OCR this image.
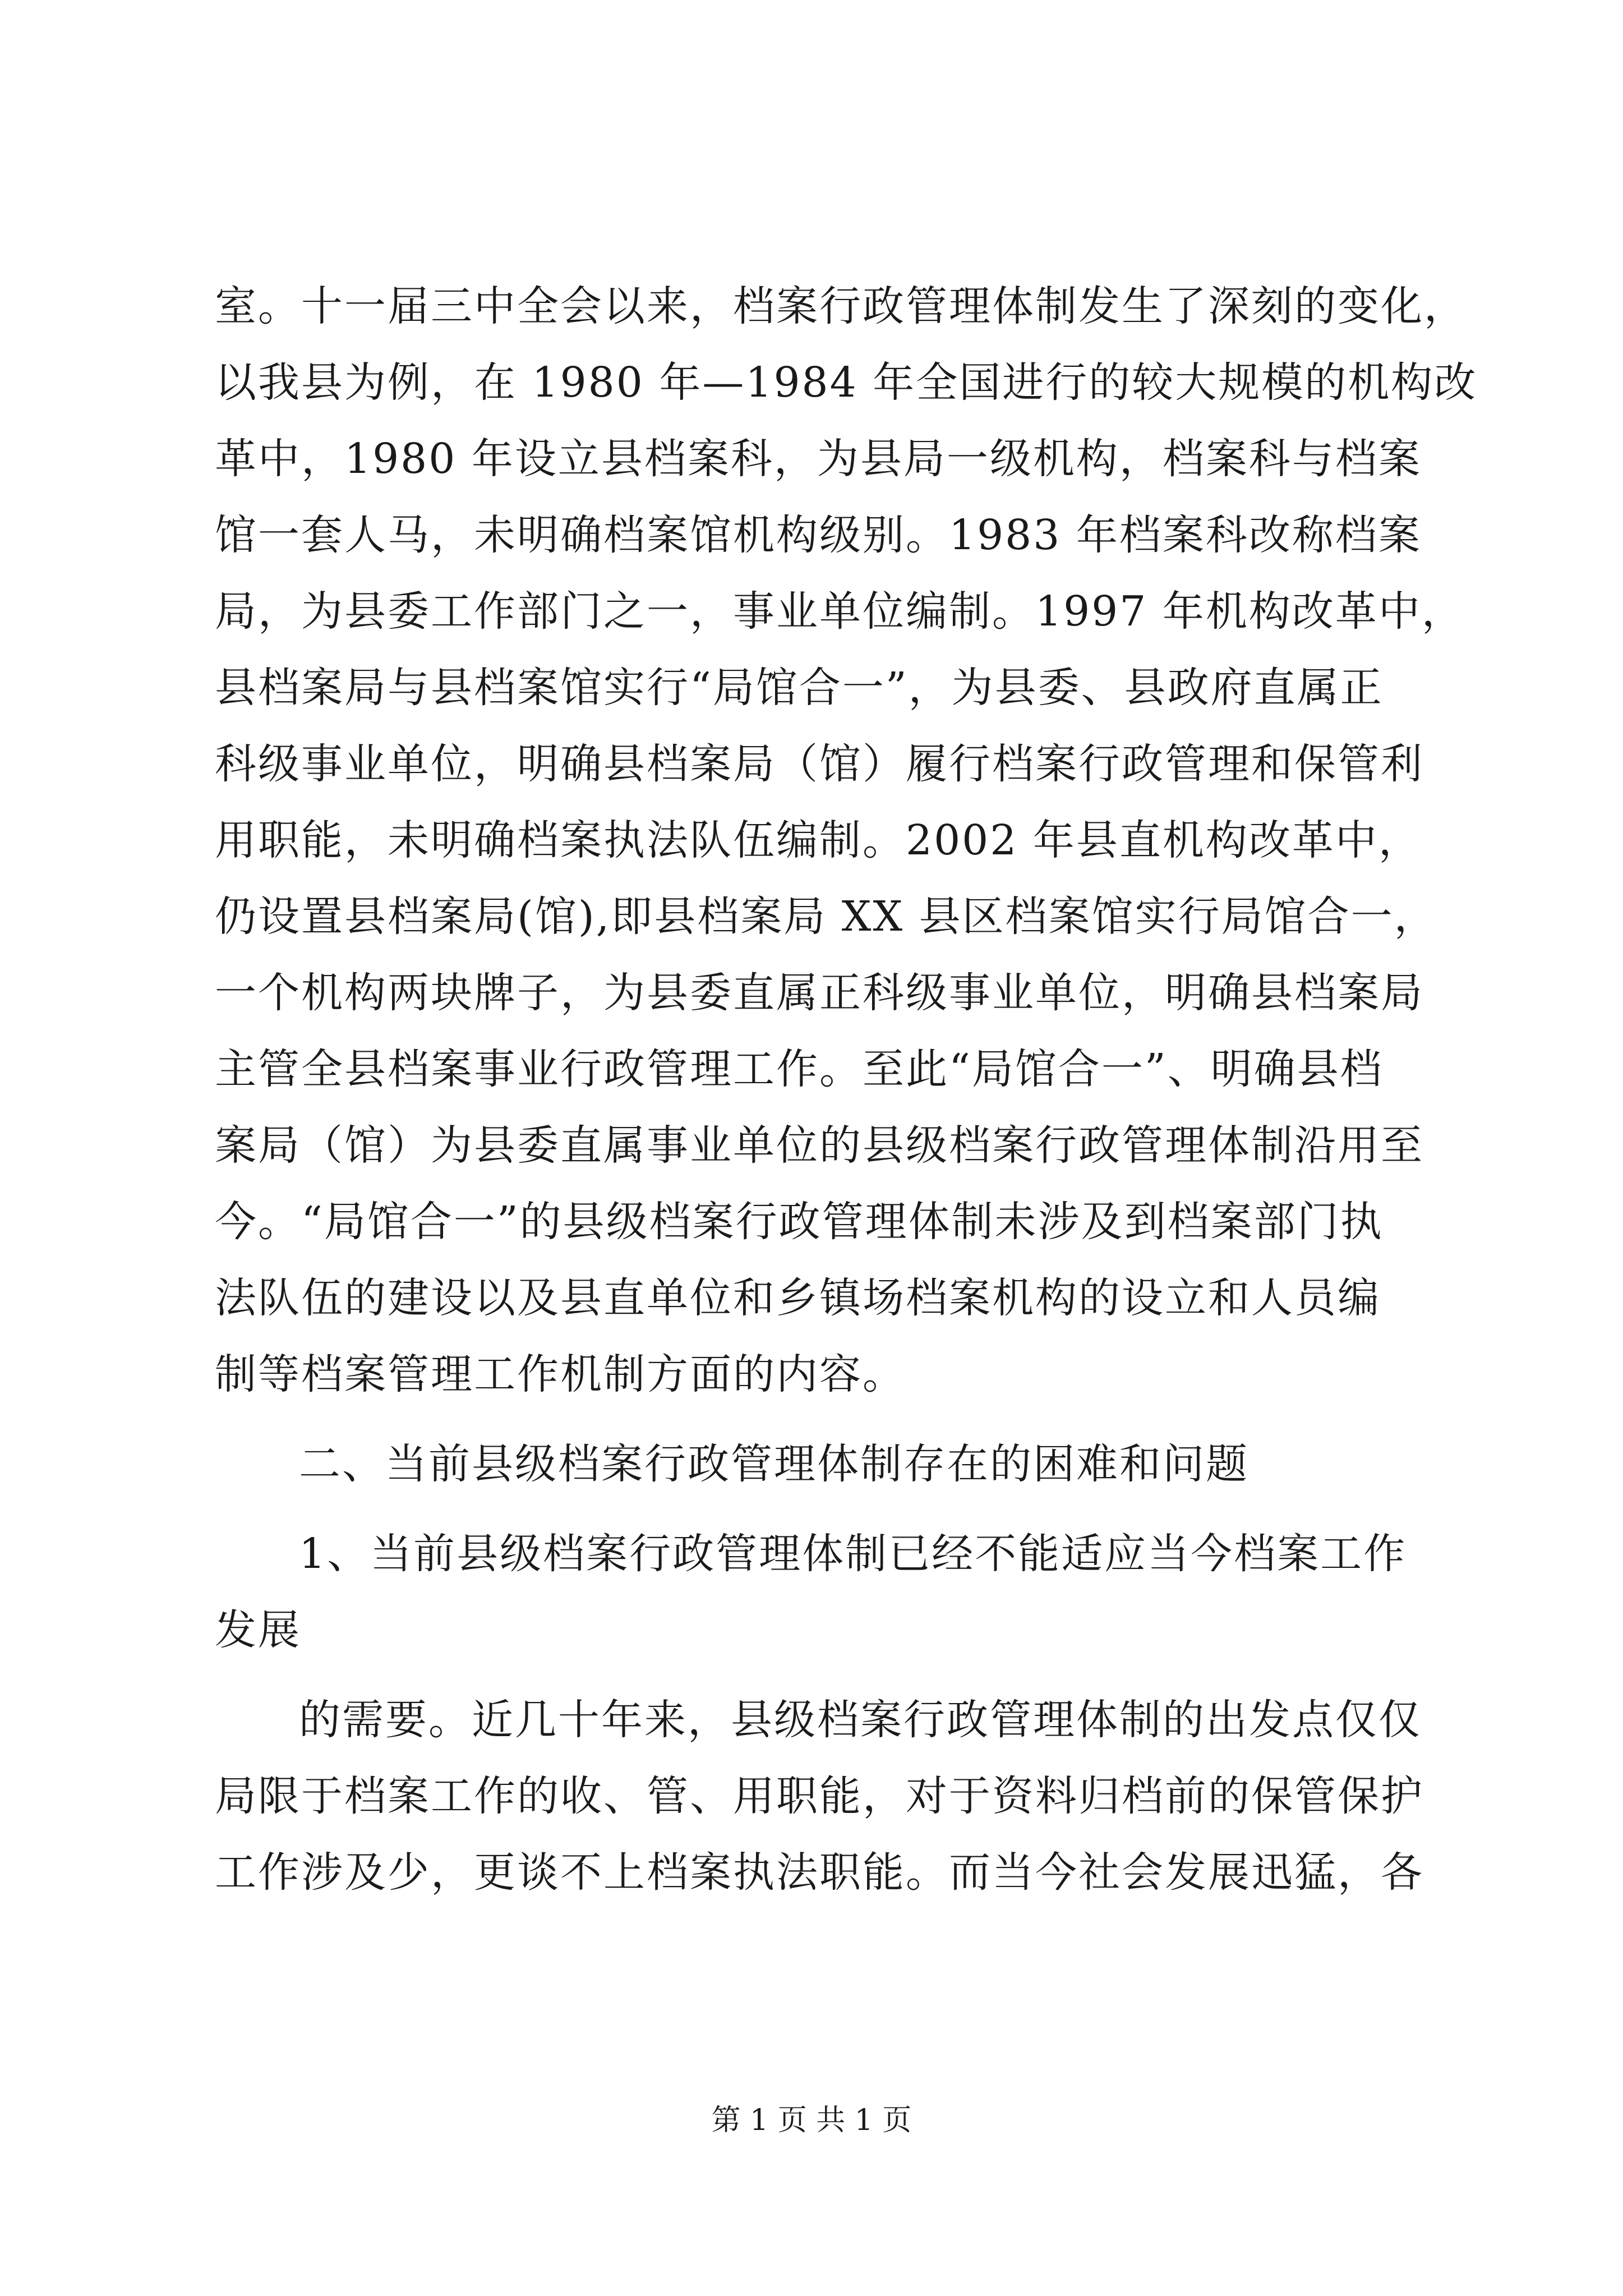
室。十一届三中全会以来，档案行政管理体制发生了深刻的变化，
以我县为例，在 1980 年—1984 年全国进行的较大规模的机构改
革中，1980 年设立县档案科，为县局一级机构，档案科与档案
馆一套人马，未明确档案馆机构级别。1983 年档案科改称档案
局，为县委工作部门之一，事业单位编制。1997 年机构改革中，
县档案局与县档案馆实行“局馆合一”，为县委、县政府直属正
科级事业单位，明确县档案局（馆）履行档案行政管理和保管利
用职能，未明确档案执法队伍编制。2002 年县直机构改革中，
仍设置县档案局(馆),即县档案局 XX 县区档案馆实行局馆合一，
一个机构两块牌子，为县委直属正科级事业单位，明确县档案局
主管全县档案事业行政管理工作。至此“局馆合一”、明确县档
案局（馆）为县委直属事业单位的县级档案行政管理体制沿用至
今。“局馆合一”的县级档案行政管理体制未涉及到档案部门执
法队伍的建设以及县直单位和乡镇场档案机构的设立和人员编
制等档案管理工作机制方面的内容。
二、当前县级档案行政管理体制存在的困难和问题
1、当前县级档案行政管理体制已经不能适应当今档案工作
发展
的需要。近几十年来，县级档案行政管理体制的出发点仅仅
局限于档案工作的收、管、用职能，对于资料归档前的保管保护
工作涉及少，更谈不上档案执法职能。而当今社会发展迅猛，各
第 1 页 共 1 页
